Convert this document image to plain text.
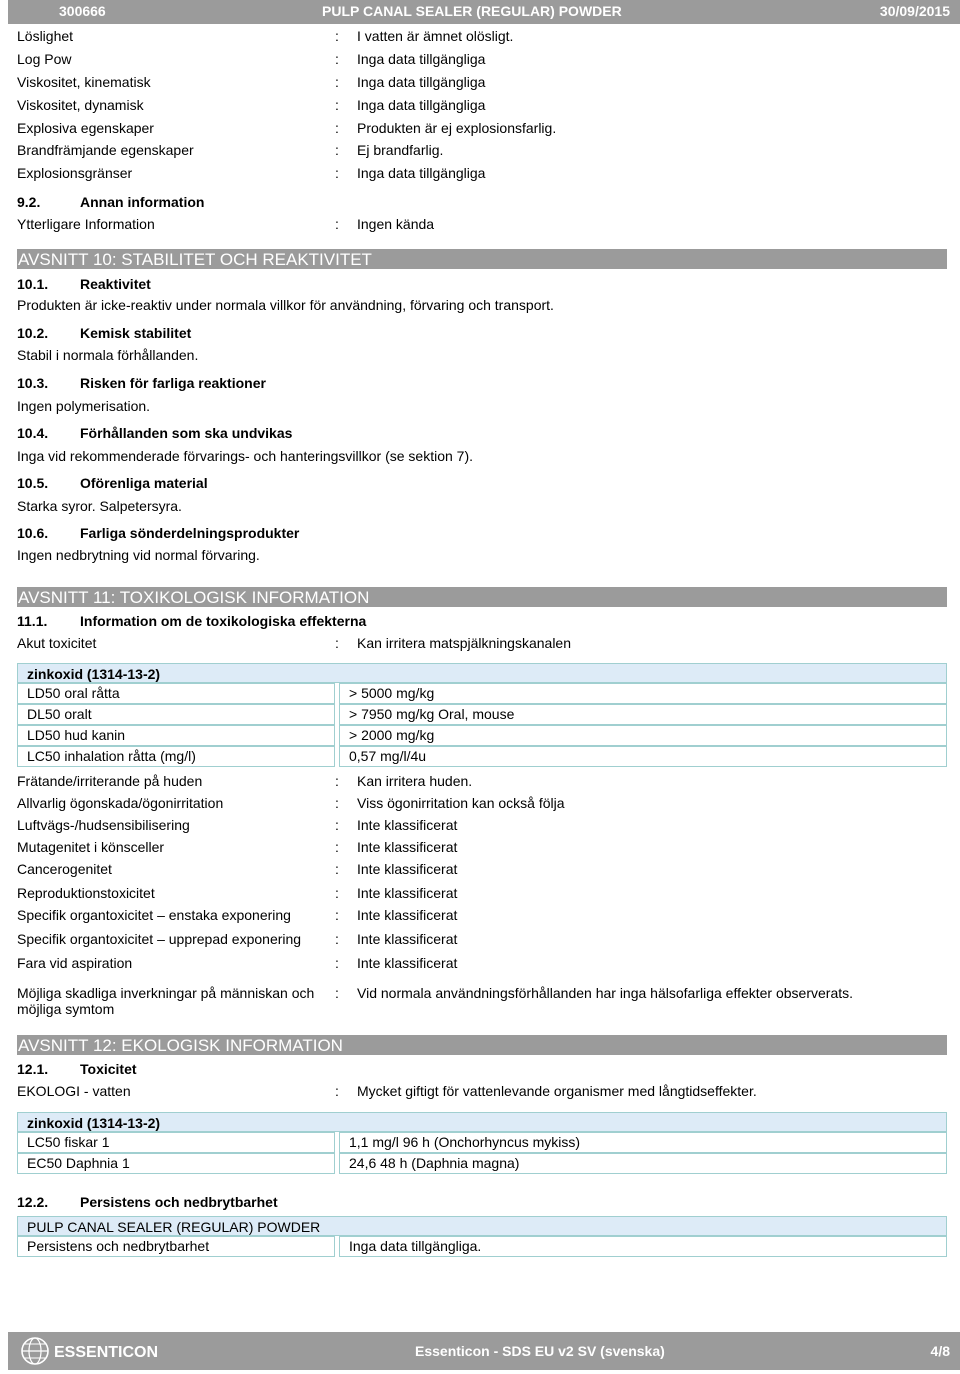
300666	PULP CANAL SEALER (REGULAR) POWDER	30/09/2015
Löslighet	: I vatten är ämnet olösligt.
Log Pow	: Inga data tillgängliga
Viskositet, kinematisk	: Inga data tillgängliga
Viskositet, dynamisk	: Inga data tillgängliga
Explosiva egenskaper	: Produkten är ej explosionsfarlig.
Brandfrämjande egenskaper	: Ej brandfarlig.
Explosionsgränser	: Inga data tillgängliga
9.2.	Annan information
Ytterligare Information	: Ingen kända
AVSNITT 10: STABILITET OCH REAKTIVITET
10.1. Reaktivitet
Produkten är icke-reaktiv under normala villkor för användning, förvaring och transport.
10.2. Kemisk stabilitet
Stabil i normala förhållanden.
10.3. Risken för farliga reaktioner
Ingen polymerisation.
10.4. Förhållanden som ska undvikas
Inga vid rekommenderade förvarings- och hanteringsvillkor (se sektion 7).
10.5. Oförenliga material
Starka syror. Salpetersyra.
10.6. Farliga sönderdelningsprodukter
Ingen nedbrytning vid normal förvaring.
AVSNITT 11: TOXIKOLOGISK INFORMATION
11.1. Information om de toxikologiska effekterna
Akut toxicitet	: Kan irritera matspjälkningskanalen
zinkoxid (1314-13-2)
LD50 oral råtta	> 5000 mg/kg
DL50 oralt	> 7950 mg/kg Oral, mouse
LD50 hud kanin	> 2000 mg/kg
LC50 inhalation råtta (mg/l)	0,57 mg/l/4u
Frätande/irriterande på huden	: Kan irritera huden.
Allvarlig ögonskada/ögonirritation	: Viss ögonirritation kan också följa
Luftvägs-/hudsensibilisering	: Inte klassificerat
Mutagenitet i könsceller	: Inte klassificerat
Cancerogenitet	: Inte klassificerat
Reproduktionstoxicitet	: Inte klassificerat
Specifik organtoxicitet – enstaka exponering	: Inte klassificerat
Specifik organtoxicitet – upprepad exponering : Inte klassificerat
Fara vid aspiration	: Inte klassificerat
Möjliga skadliga inverkningar på människan och
möjliga symtom
: Vid normala användningsförhållanden har inga hälsofarliga effekter observerats.
AVSNITT 12: EKOLOGISK INFORMATION
12.1. Toxicitet
EKOLOGI - vatten	: Mycket giftigt för vattenlevande organismer med långtidseffekter.
zinkoxid (1314-13-2)
LC50 fiskar 1	1,1 mg/l 96 h (Onchorhyncus mykiss)
EC50 Daphnia 1	24,6 48 h (Daphnia magna)
12.2. Persistens och nedbrytbarhet
PULP CANAL SEALER (REGULAR) POWDER
Persistens och nedbrytbarhet	Inga data tillgängliga.
ESSENTICON	Essenticon - SDS EU v2 SV (svenska)	4/8
